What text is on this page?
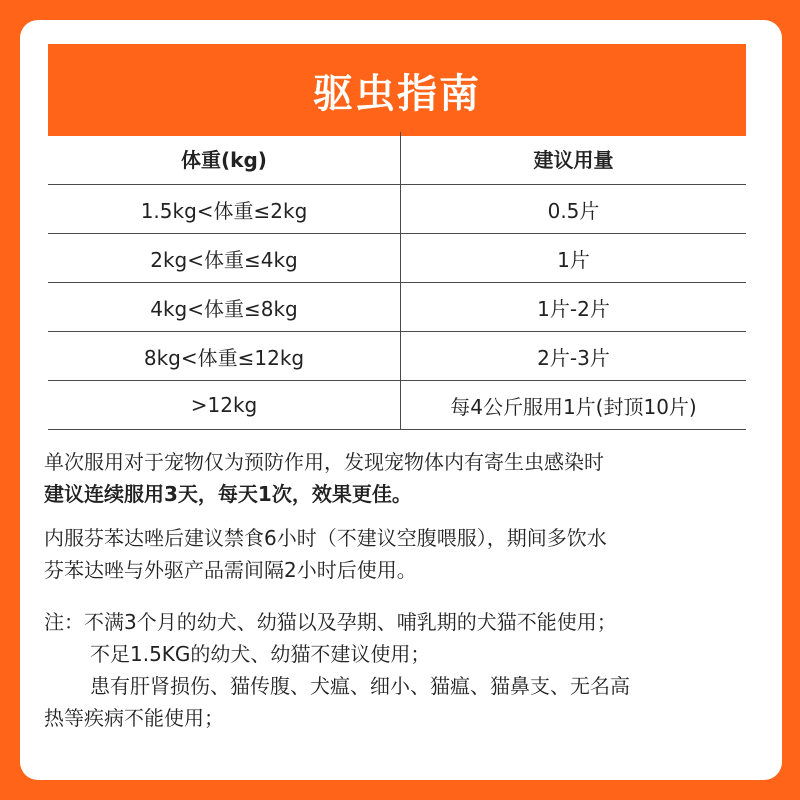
驱虫指南
体重(kg)	建议用量
1.5kg<体重≤2kg	0.5片
2kg<体重≤4kg	1片
4kg<体重≤8kg	1片-2片
8kg<体重≤12kg	2片-3片
>12kg	每4公斤服用1片(封顶10片)

单次服用对于宠物仅为预防作用，发现宠物体内有寄生虫感染时

建议连续服用3天，每天1次，效果更佳。

内服芬苯达唑后建议禁食6小时（不建议空腹喂服），期间多饮水

芬苯达唑与外驱产品需间隔2小时后使用。

注：不满3个月的幼犬、幼猫以及孕期、哺乳期的犬猫不能使用；

不足1.5KG的幼犬、幼猫不建议使用；

患有肝肾损伤、猫传腹、犬瘟、细小、猫瘟、猫鼻支、无名高

热等疾病不能使用；
